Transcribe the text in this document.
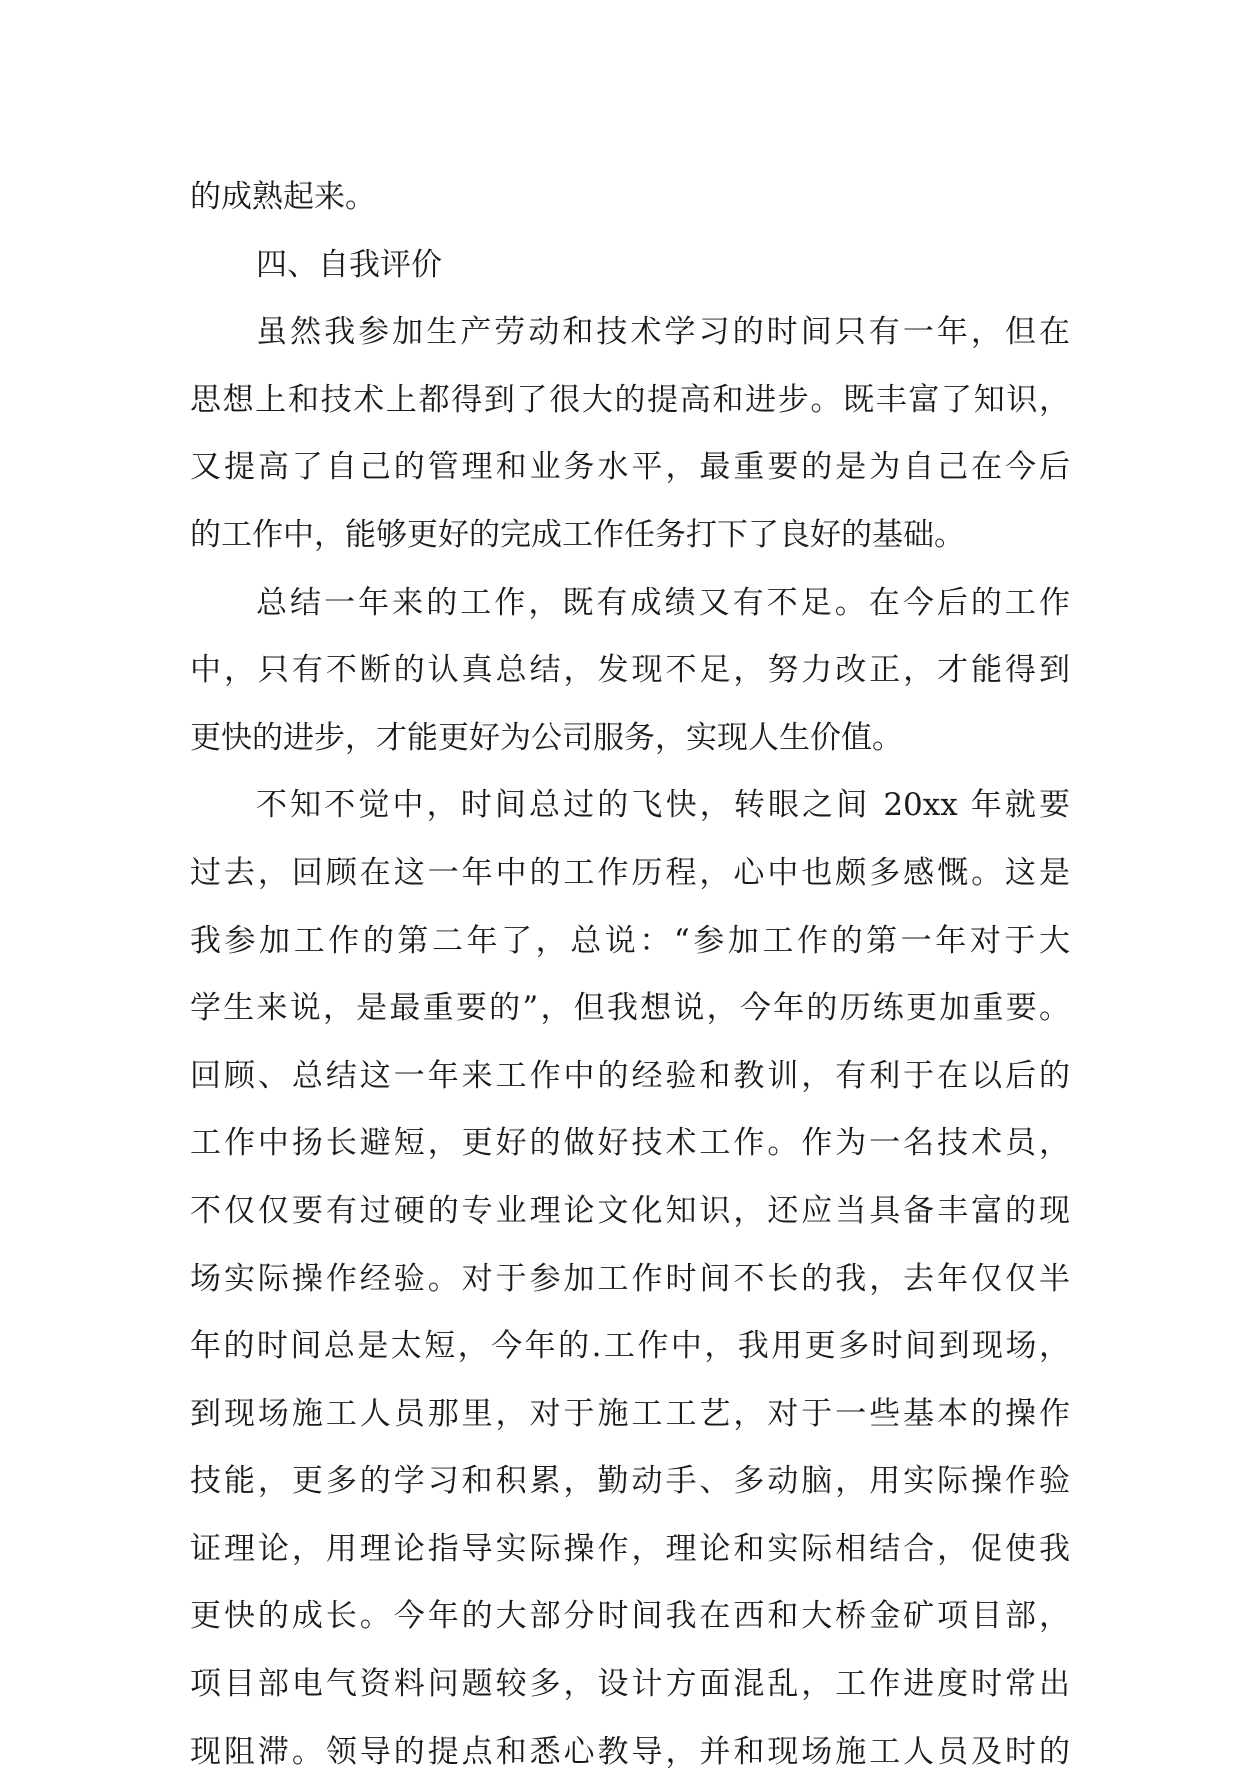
的成熟起来。
四、自我评价
虽然我参加生产劳动和技术学习的时间只有一年，但在
思想上和技术上都得到了很大的提高和进步。既丰富了知识，
又提高了自己的管理和业务水平，最重要的是为自己在今后
的工作中，能够更好的完成工作任务打下了良好的基础。
总结一年来的工作，既有成绩又有不足。在今后的工作
中，只有不断的认真总结，发现不足，努力改正，才能得到
更快的进步，才能更好为公司服务，实现人生价值。
不知不觉中，时间总过的飞快，转眼之间 20xx 年就要
过去，回顾在这一年中的工作历程，心中也颇多感慨。这是
我参加工作的第二年了，总说：“参加工作的第一年对于大
学生来说，是最重要的”，但我想说，今年的历练更加重要。
回顾、总结这一年来工作中的经验和教训，有利于在以后的
工作中扬长避短，更好的做好技术工作。作为一名技术员，
不仅仅要有过硬的专业理论文化知识，还应当具备丰富的现
场实际操作经验。对于参加工作时间不长的我，去年仅仅半
年的时间总是太短，今年的.工作中，我用更多时间到现场，
到现场施工人员那里，对于施工工艺，对于一些基本的操作
技能，更多的学习和积累，勤动手、多动脑，用实际操作验
证理论，用理论指导实际操作，理论和实际相结合，促使我
更快的成长。今年的大部分时间我在西和大桥金矿项目部，
项目部电气资料问题较多，设计方面混乱，工作进度时常出
现阻滞。领导的提点和悉心教导，并和现场施工人员及时的
